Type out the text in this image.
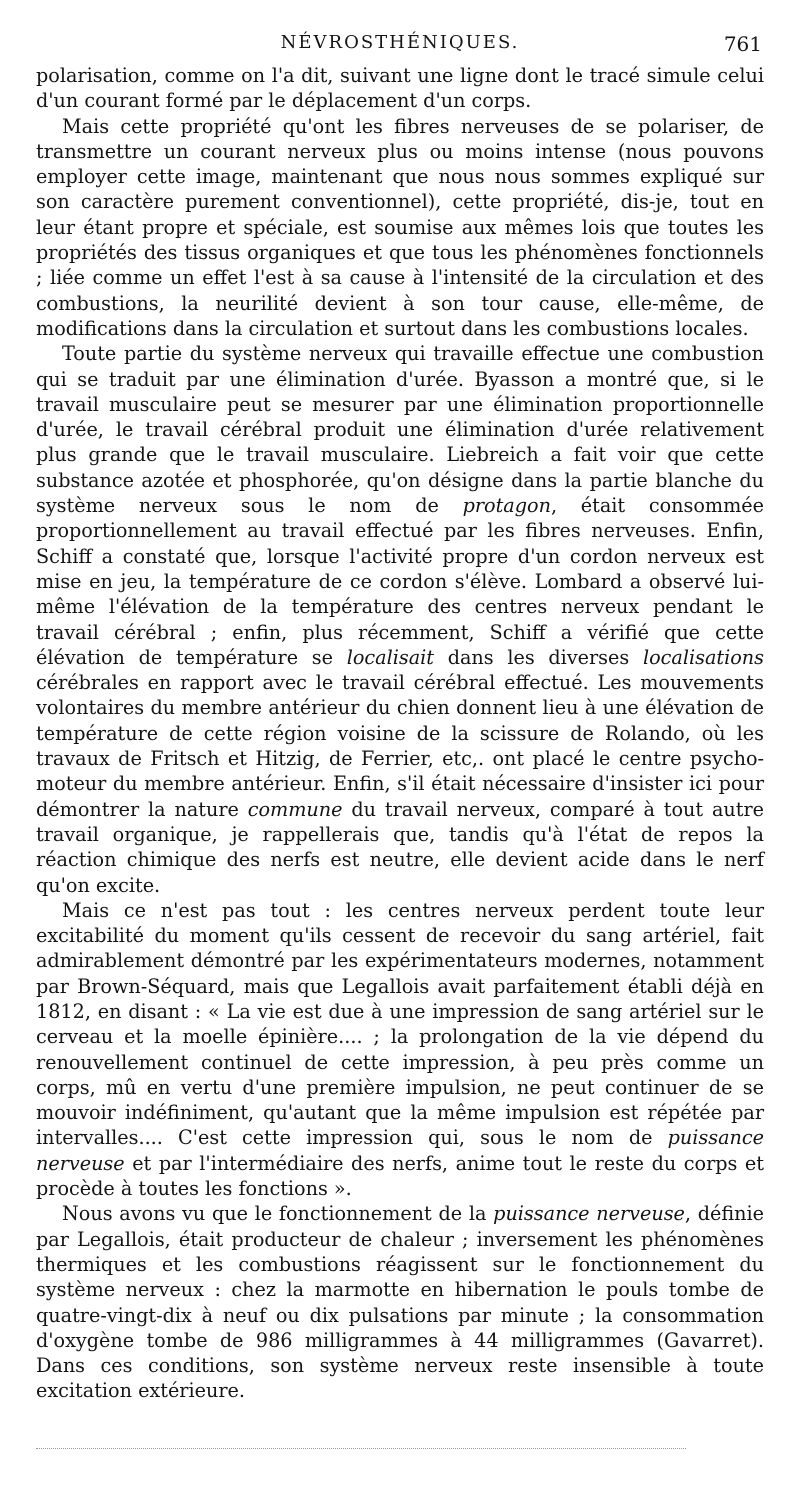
NÉVROSTHÉNIQUES.	761

polarisation, comme on l'a dit, suivant une ligne dont le tracé simule celui d'un courant formé par le déplacement d'un corps.

Mais cette propriété qu'ont les fibres nerveuses de se polariser, de transmettre un courant nerveux plus ou moins intense (nous pouvons employer cette image, maintenant que nous nous sommes expliqué sur son caractère purement conventionnel), cette propriété, dis-je, tout en leur étant propre et spéciale, est soumise aux mêmes lois que toutes les propriétés des tissus organiques et que tous les phénomènes fonctionnels ; liée comme un effet l'est à sa cause à l'intensité de la circulation et des combustions, la neurilité devient à son tour cause, elle-même, de modifications dans la circulation et surtout dans les combustions locales.

Toute partie du système nerveux qui travaille effectue une combustion qui se traduit par une élimination d'urée. Byasson a montré que, si le travail musculaire peut se mesurer par une élimination proportionnelle d'urée, le travail cérébral produit une élimination d'urée relativement plus grande que le travail musculaire. Liebreich a fait voir que cette substance azotée et phosphorée, qu'on désigne dans la partie blanche du système nerveux sous le nom de protagon, était consommée proportionnellement au travail effectué par les fibres nerveuses. Enfin, Schiff a constaté que, lorsque l'activité propre d'un cordon nerveux est mise en jeu, la température de ce cordon s'élève. Lombard a observé lui-même l'élévation de la température des centres nerveux pendant le travail cérébral ; enfin, plus récemment, Schiff a vérifié que cette élévation de température se localisait dans les diverses localisations cérébrales en rapport avec le travail cérébral effectué. Les mouvements volontaires du membre antérieur du chien donnent lieu à une élévation de température de cette région voisine de la scissure de Rolando, où les travaux de Fritsch et Hitzig, de Ferrier, etc,. ont placé le centre psycho-moteur du membre antérieur. Enfin, s'il était nécessaire d'insister ici pour démontrer la nature commune du travail nerveux, comparé à tout autre travail organique, je rappellerais que, tandis qu'à l'état de repos la réaction chimique des nerfs est neutre, elle devient acide dans le nerf qu'on excite.

Mais ce n'est pas tout : les centres nerveux perdent toute leur excitabilité du moment qu'ils cessent de recevoir du sang artériel, fait admirablement démontré par les expérimentateurs modernes, notamment par Brown-Séquard, mais que Legallois avait parfaitement établi déjà en 1812, en disant : « La vie est due à une impression de sang artériel sur le cerveau et la moelle épinière.... ; la prolongation de la vie dépend du renouvellement continuel de cette impression, à peu près comme un corps, mû en vertu d'une première impulsion, ne peut continuer de se mouvoir indéfiniment, qu'autant que la même impulsion est répétée par intervalles.... C'est cette impression qui, sous le nom de puissance nerveuse et par l'intermédiaire des nerfs, anime tout le reste du corps et procède à toutes les fonctions ».

Nous avons vu que le fonctionnement de la puissance nerveuse, définie par Legallois, était producteur de chaleur ; inversement les phénomènes thermiques et les combustions réagissent sur le fonctionnement du système nerveux : chez la marmotte en hibernation le pouls tombe de quatre-vingt-dix à neuf ou dix pulsations par minute ; la consommation d'oxygène tombe de 986 milligrammes à 44 milligrammes (Gavarret). Dans ces conditions, son système nerveux reste insensible à toute excitation extérieure.
